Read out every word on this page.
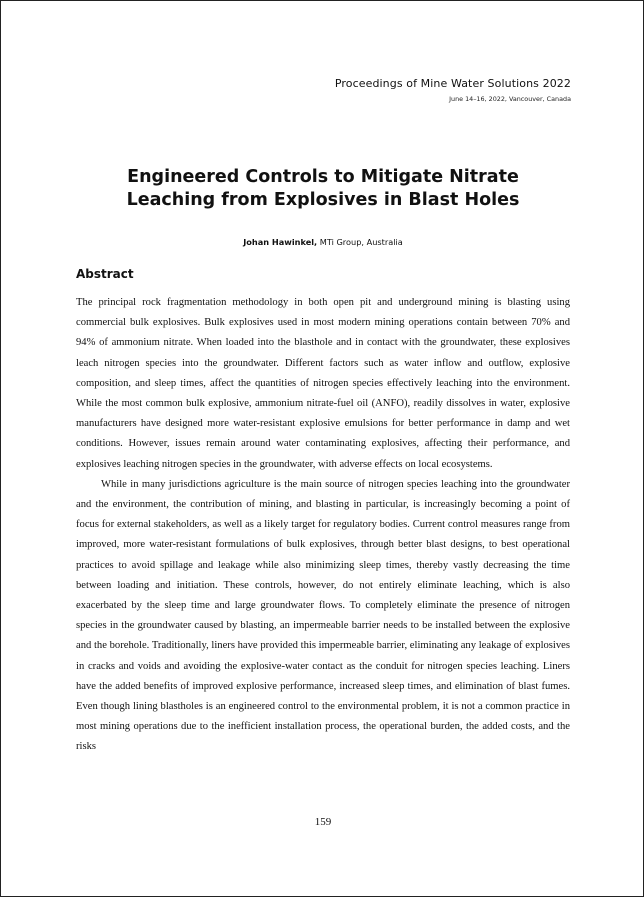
Proceedings of Mine Water Solutions 2022
June 14–16, 2022, Vancouver, Canada
Engineered Controls to Mitigate Nitrate
Leaching from Explosives in Blast Holes
Johan Hawinkel, MTi Group, Australia
Abstract

The principal rock fragmentation methodology in both open pit and underground mining is blasting using commercial bulk explosives. Bulk explosives used in most modern mining operations contain between 70% and 94% of ammonium nitrate. When loaded into the blasthole and in contact with the groundwater, these explosives leach nitrogen species into the groundwater. Different factors such as water inflow and outflow, explosive composition, and sleep times, affect the quantities of nitrogen species effectively leaching into the environment. While the most common bulk explosive, ammonium nitrate-fuel oil (ANFO), readily dissolves in water, explosive manufacturers have designed more water-resistant explosive emulsions for better performance in damp and wet conditions. However, issues remain around water contaminating explosives, affecting their performance, and explosives leaching nitrogen species in the groundwater, with adverse effects on local ecosystems.

While in many jurisdictions agriculture is the main source of nitrogen species leaching into the groundwater and the environment, the contribution of mining, and blasting in particular, is increasingly becoming a point of focus for external stakeholders, as well as a likely target for regulatory bodies. Current control measures range from improved, more water-resistant formulations of bulk explosives, through better blast designs, to best operational practices to avoid spillage and leakage while also minimizing sleep times, thereby vastly decreasing the time between loading and initiation. These controls, however, do not entirely eliminate leaching, which is also exacerbated by the sleep time and large groundwater flows. To completely eliminate the presence of nitrogen species in the groundwater caused by blasting, an impermeable barrier needs to be installed between the explosive and the borehole. Traditionally, liners have provided this impermeable barrier, eliminating any leakage of explosives in cracks and voids and avoiding the explosive-water contact as the conduit for nitrogen species leaching. Liners have the added benefits of improved explosive performance, increased sleep times, and elimination of blast fumes. Even though lining blastholes is an engineered control to the environmental problem, it is not a common practice in most mining operations due to the inefficient installation process, the operational burden, the added costs, and the risks

159
